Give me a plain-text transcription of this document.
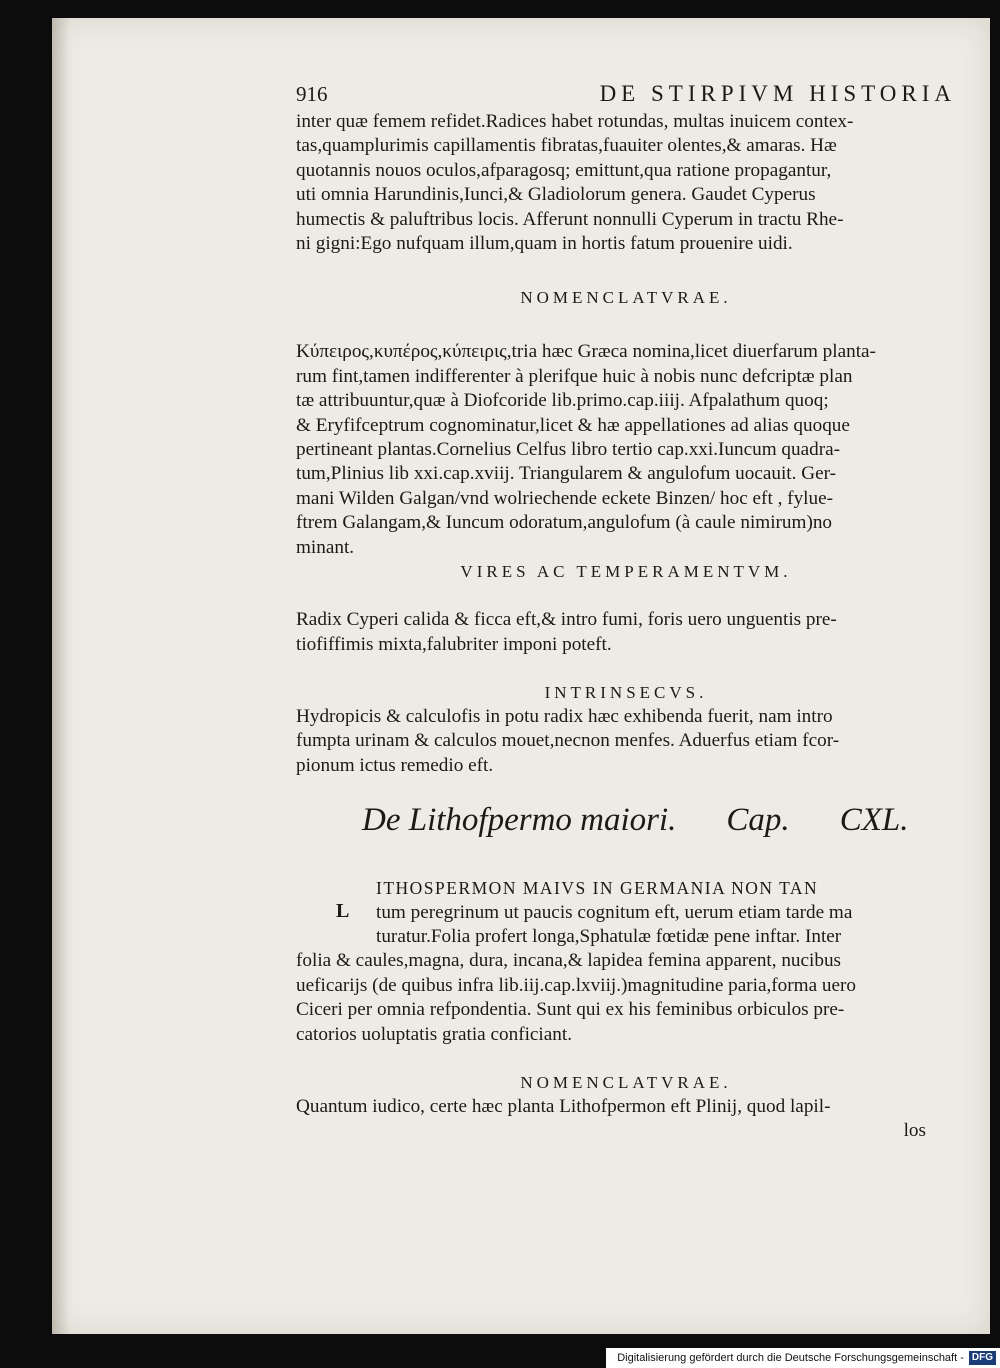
916	DE STIRPIVM HISTORIA
inter quæ femem refidet.Radices habet rotundas, multas inuicem contex-
tas,quamplurimis capillamentis fibratas,fuauiter olentes,& amaras. Hæ
quotannis nouos oculos,afparagosq; emittunt,qua ratione propagantur,
uti omnia Harundinis,Iunci,& Gladiolorum genera. Gaudet Cyperus
humectis & paluftribus locis. Afferunt nonnulli Cyperum in tractu Rhe-
ni gigni:Ego nufquam illum,quam in hortis fatum prouenire uidi.
NOMENCLATVRAE.
Κύπειρος,κυπέρος,κύπειρις,tria hæc Græca nomina,licet diuerfarum planta-
rum fint,tamen indifferenter à plerifque huic à nobis nunc defcriptæ plan
tæ attribuuntur,quæ à Diofcoride lib.primo.cap.iiij. Afpalathum quoq;
& Eryfifceptrum cognominatur,licet & hæ appellationes ad alias quoque
pertineant plantas.Cornelius Celfus libro tertio cap.xxi.Iuncum quadra-
tum,Plinius lib xxi.cap.xviij. Triangularem & angulofum uocauit. Ger-
mani Wilden Galgan/vnd wolriechende eckete Binzen/ hoc eft , fylue-
ftrem Galangam,& Iuncum odoratum,angulofum (à caule nimirum)no
minant.
VIRES AC TEMPERAMENTVM.
Radix Cyperi calida & ficca eft,& intro fumi, foris uero unguentis pre-
tiofiffimis mixta,falubriter imponi poteft.
INTRINSECVS.
Hydropicis & calculofis in potu radix hæc exhibenda fuerit, nam intro
fumpta urinam & calculos mouet,necnon menfes. Aduerfus etiam fcor-
pionum ictus remedio eft.
De Lithofpermo maiori. Cap. CXL.
ITHOSPERMON MAIVS IN GERMANIA NON TAN
L tum peregrinum ut paucis cognitum eft, uerum etiam tarde ma
turatur.Folia profert longa,Sphatulæ fœtidæ pene inftar. Inter
folia & caules,magna, dura, incana,& lapidea femina apparent, nucibus
ueficarijs (de quibus infra lib.iij.cap.lxviij.)magnitudine paria,forma uero
Ciceri per omnia refpondentia. Sunt qui ex his feminibus orbiculos pre-
catorios uoluptatis gratia conficiant.
NOMENCLATVRAE.
Quantum iudico, certe hæc planta Lithofpermon eft Plinij, quod lapil-
los
Digitalisierung gefördert durch die Deutsche Forschungsgemeinschaft - DFG
